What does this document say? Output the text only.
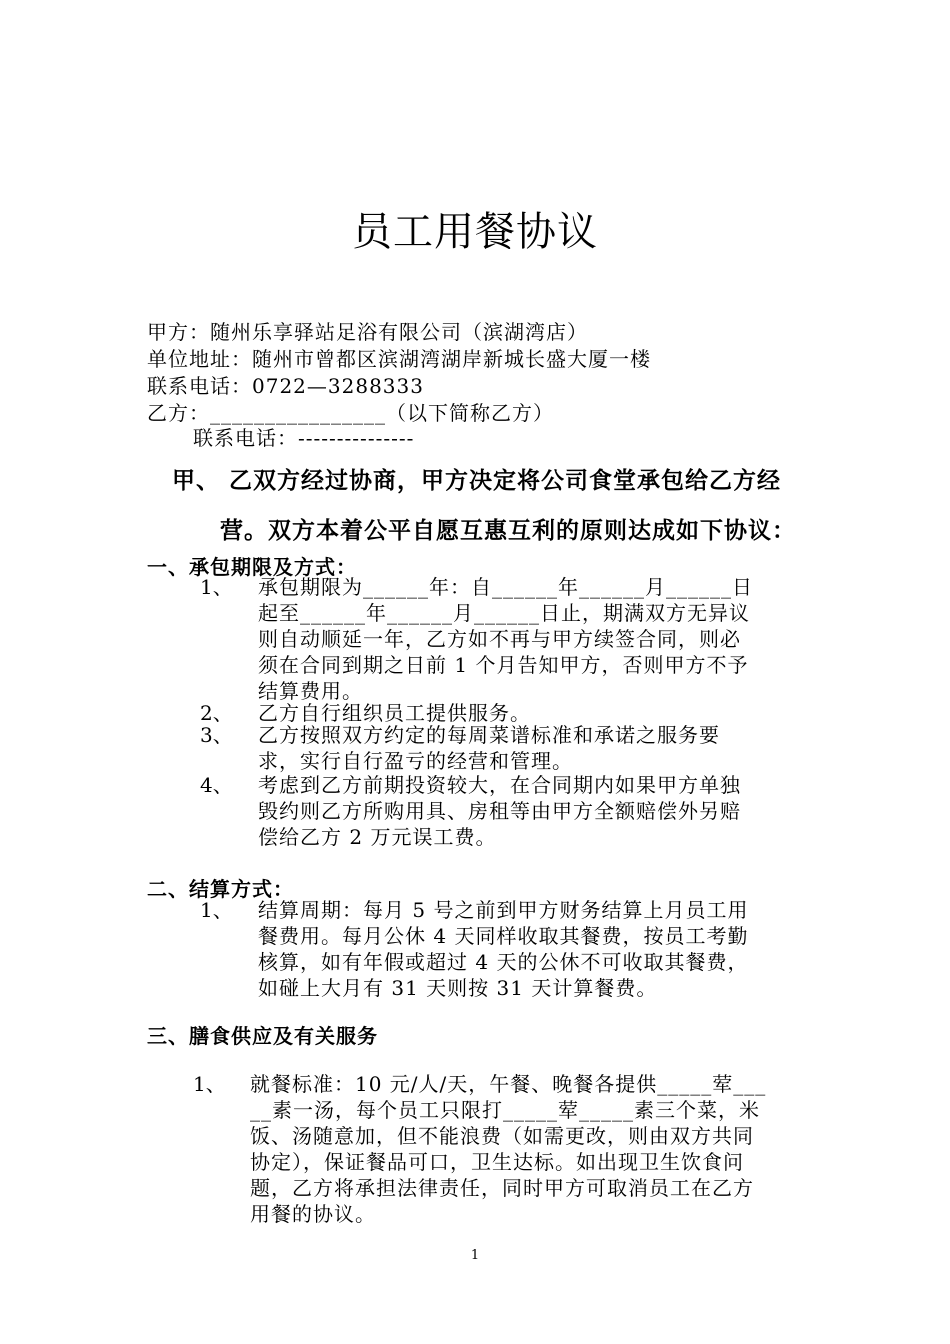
员工用餐协议
甲方：随州乐享驿站足浴有限公司（滨湖湾店）
单位地址：随州市曾都区滨湖湾湖岸新城长盛大厦一楼
联系电话：0722—3288333
乙方：________________（以下简称乙方）
联系电话：---------------
甲、 乙双方经过协商，甲方决定将公司食堂承包给乙方经
营。双方本着公平自愿互惠互利的原则达成如下协议：
一、承包期限及方式：
1、 承包期限为______年：自______年______月______日
起至______年______月______日止，期满双方无异议
则自动顺延一年，乙方如不再与甲方续签合同，则必
须在合同到期之日前 1 个月告知甲方，否则甲方不予
结算费用。
2、 乙方自行组织员工提供服务。
3、 乙方按照双方约定的每周菜谱标准和承诺之服务要
求，实行自行盈亏的经营和管理。
4、 考虑到乙方前期投资较大，在合同期内如果甲方单独
毁约则乙方所购用具、房租等由甲方全额赔偿外另赔
偿给乙方 2 万元误工费。
二、结算方式：
1、 结算周期：每月 5 号之前到甲方财务结算上月员工用
餐费用。每月公休 4 天同样收取其餐费，按员工考勤
核算，如有年假或超过 4 天的公休不可收取其餐费，
如碰上大月有 31 天则按 31 天计算餐费。
三、膳食供应及有关服务
1、 就餐标准：10 元/人/天，午餐、晚餐各提供_____荤___
__素一汤，每个员工只限打_____荤_____素三个菜，米
饭、汤随意加，但不能浪费（如需更改，则由双方共同
协定），保证餐品可口，卫生达标。如出现卫生饮食问
题，乙方将承担法律责任，同时甲方可取消员工在乙方
用餐的协议。
1
